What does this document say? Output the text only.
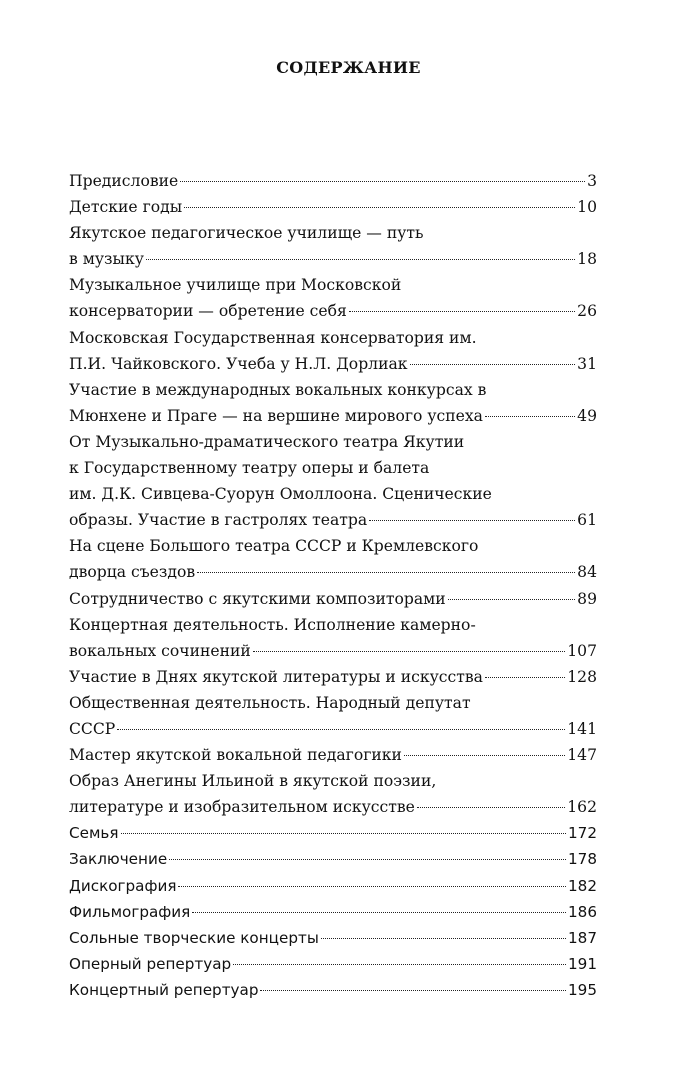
СОДЕРЖАНИЕ
Предисловие	3
Детские годы	10
Якутское педагогическое училище — путь
в музыку	18
Музыкальное училище при Московской
консерватории — обретение себя	26
Московская Государственная консерватория им.
П.И. Чайковского. Учеба у Н.Л. Дорлиак	31
Участие в международных вокальных конкурсах в
Мюнхене и Праге — на вершине мирового успеха	49
От Музыкально-драматического театра Якутии
к Государственному театру оперы и балета
им. Д.К. Сивцева-Суорун Омоллоона. Сценические
образы. Участие в гастролях театра	61
На сцене Большого театра СССР и Кремлевского
дворца съездов	84
Сотрудничество с якутскими композиторами	89
Концертная деятельность. Исполнение камерно-
вокальных сочинений	107
Участие в Днях якутской литературы и искусства	128
Общественная деятельность. Народный депутат
СССР	141
Мастер якутской вокальной педагогики	147
Образ Анегины Ильиной в якутской поэзии,
литературе и изобразительном искусстве	162
Семья	172
Заключение	178
Дискография	182
Фильмография	186
Сольные творческие концерты	187
Оперный репертуар	191
Концертный репертуар	195
